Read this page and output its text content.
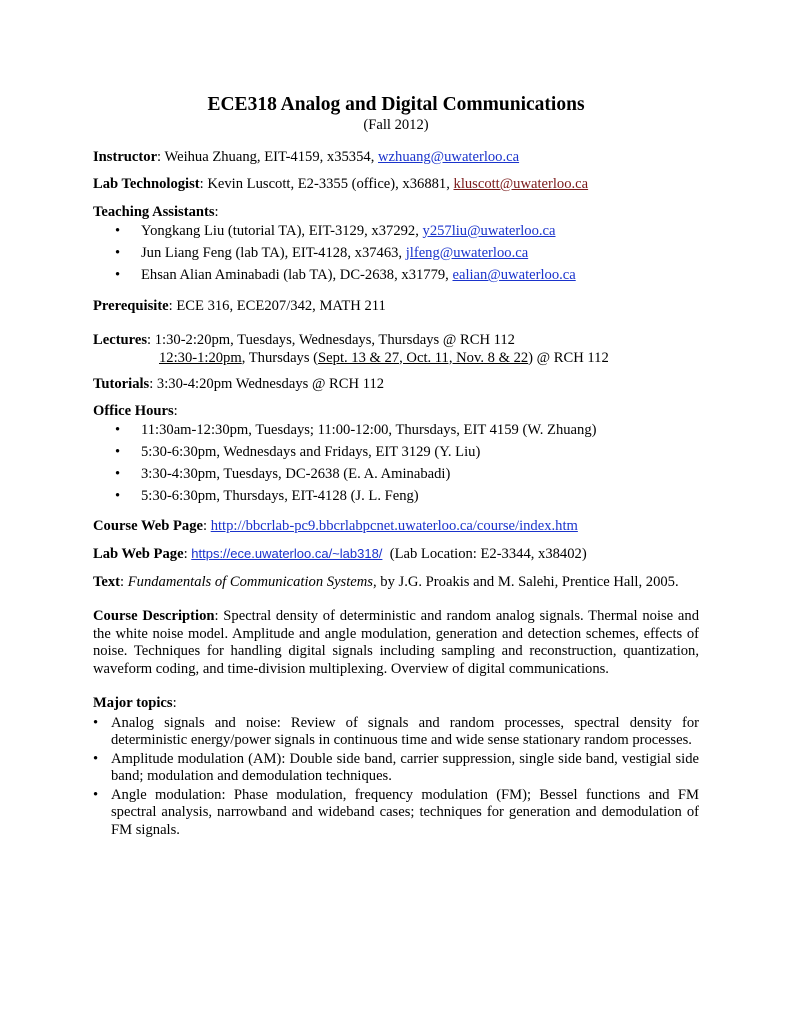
ECE318 Analog and Digital Communications

(Fall 2012)

Instructor: Weihua Zhuang, EIT-4159, x35354, wzhuang@uwaterloo.ca

Lab Technologist: Kevin Luscott, E2-3355 (office), x36881, kluscott@uwaterloo.ca

Teaching Assistants:

• Yongkang Liu (tutorial TA), EIT-3129, x37292, y257liu@uwaterloo.ca
• Jun Liang Feng (lab TA), EIT-4128, x37463, jlfeng@uwaterloo.ca
• Ehsan Alian Aminabadi (lab TA), DC-2638, x31779, ealian@uwaterloo.ca

Prerequisite: ECE 316, ECE207/342, MATH 211

Lectures: 1:30-2:20pm, Tuesdays, Wednesdays, Thursdays @ RCH 112

12:30-1:20pm, Thursdays (Sept. 13 & 27, Oct. 11, Nov. 8 & 22) @ RCH 112

Tutorials: 3:30-4:20pm Wednesdays @ RCH 112

Office Hours:

• 11:30am-12:30pm, Tuesdays; 11:00-12:00, Thursdays, EIT 4159 (W. Zhuang)
• 5:30-6:30pm, Wednesdays and Fridays, EIT 3129 (Y. Liu)
• 3:30-4:30pm, Tuesdays, DC-2638 (E. A. Aminabadi)
• 5:30-6:30pm, Thursdays, EIT-4128 (J. L. Feng)

Course Web Page: http://bbcrlab-pc9.bbcrlabpcnet.uwaterloo.ca/course/index.htm

Lab Web Page: https://ece.uwaterloo.ca/~lab318/  (Lab Location: E2-3344, x38402)

Text: Fundamentals of Communication Systems, by J.G. Proakis and M. Salehi, Prentice Hall, 2005.

Course Description: Spectral density of deterministic and random analog signals. Thermal noise and the white noise model. Amplitude and angle modulation, generation and detection schemes, effects of noise. Techniques for handling digital signals including sampling and reconstruction, quantization, waveform coding, and time-division multiplexing. Overview of digital communications.

Major topics:

• Analog signals and noise: Review of signals and random processes, spectral density for deterministic energy/power signals in continuous time and wide sense stationary random processes.
• Amplitude modulation (AM): Double side band, carrier suppression, single side band, vestigial side band; modulation and demodulation techniques.
• Angle modulation: Phase modulation, frequency modulation (FM); Bessel functions and FM spectral analysis, narrowband and wideband cases; techniques for generation and demodulation of FM signals.
